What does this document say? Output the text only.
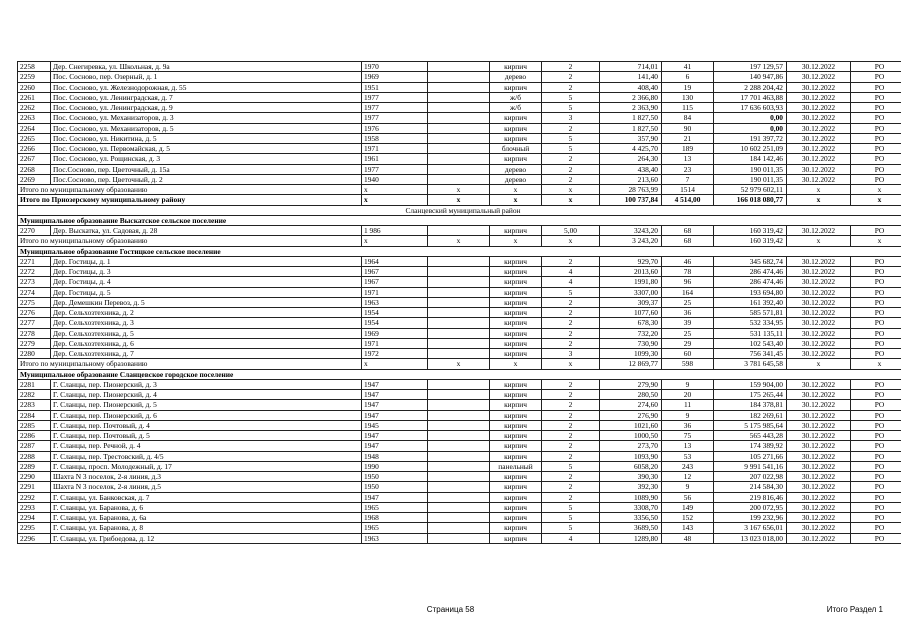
2258	Дер. Снегиревка, ул. Школьная, д. 9а	1970		кирпич	2	714,01	41	197 129,57	30.12.2022	РО
2259	Пос. Сосново, пер. Озерный, д. 1	1969		дерево	2	141,40	6	140 947,86	30.12.2022	РО
2260	Пос. Сосново, ул. Железнодорожная, д. 55	1951		кирпич	2	408,40	19	2 288 204,42	30.12.2022	РО
2261	Пос. Сосново, ул. Ленинградская, д. 7	1977		ж/б	5	2 366,80	130	17 701 463,88	30.12.2022	РО
2262	Пос. Сосново, ул. Ленинградская, д. 9	1977		ж/б	5	2 363,90	115	17 636 603,93	30.12.2022	РО
2263	Пос. Сосново, ул. Механизаторов, д. 3	1977		кирпич	3	1 827,50	84	0,00	30.12.2022	РО
2264	Пос. Сосново, ул. Механизаторов, д. 5	1976		кирпич	2	1 827,50	90	0,00	30.12.2022	РО
2265	Пос. Сосново, ул. Никитина, д. 5	1958		кирпич	5	357,90	21	191 397,72	30.12.2022	РО
2266	Пос. Сосново, ул. Первомайская, д. 5	1971		блочный	5	4 425,70	189	10 602 251,09	30.12.2022	РО
2267	Пос. Сосново, ул. Рощинская, д. 3	1961		кирпич	2	264,30	13	184 142,46	30.12.2022	РО
2268	Пос.Сосново, пер. Цветочный, д. 15а	1977		дерево	2	438,40	23	190 011,35	30.12.2022	РО
2269	Пос.Сосново, пер. Цветочный, д. 2	1940		дерево	2	213,60	7	190 011,35	30.12.2022	РО
Итого по муниципальному образованию		x	x	x	x	28 763,99	1514	52 979 602,11	x	x
Итого по Приозерскому муниципальному району		x	x	x	x	100 737,84	4 514,00	166 018 080,77	x	x
Сланцевский муниципальный район										
Муниципальное образование Выскатское сельское поселение										
2270	Дер. Выскатка, ул. Садовая, д. 28	1 986		кирпич	5,00	3243,20	68	160 319,42	30.12.2022	РО
Итого по муниципальному образованию		x	x	x	x	3 243,20	68	160 319,42	x	x
Муниципальное образование Гостицкое сельское поселение										
2271	Дер. Гостицы, д. 1	1964		кирпич	2	929,70	46	345 682,74	30.12.2022	РО
2272	Дер. Гостицы, д. 3	1967		кирпич	4	2013,60	78	286 474,46	30.12.2022	РО
2273	Дер. Гостицы, д. 4	1967		кирпич	4	1991,80	96	286 474,46	30.12.2022	РО
2274	Дер. Гостицы, д. 5	1971		кирпич	5	3307,00	164	193 694,80	30.12.2022	РО
2275	Дер. Демешкин Перевоз, д. 5	1963		кирпич	2	309,37	25	161 392,40	30.12.2022	РО
2276	Дер. Сельхозтехника, д. 2	1954		кирпич	2	1077,60	36	585 571,81	30.12.2022	РО
2277	Дер. Сельхозтехника, д. 3	1954		кирпич	2	678,30	39	532 334,95	30.12.2022	РО
2278	Дер. Сельхозтехника, д. 5	1969		кирпич	2	732,20	25	531 135,11	30.12.2022	РО
2279	Дер. Сельхозтехника, д. 6	1971		кирпич	2	730,90	29	102 543,40	30.12.2022	РО
2280	Дер. Сельхозтехника, д. 7	1972		кирпич	3	1099,30	60	756 341,45	30.12.2022	РО
Итого по муниципальному образованию		x	x	x	x	12 869,77	598	3 781 645,58	x	x
Муниципальное образование Сланцевское городское поселение										
2281	Г. Сланцы, пер. Пионерский, д. 3	1947		кирпич	2	279,90	9	159 904,00	30.12.2022	РО
2282	Г. Сланцы, пер. Пионерский, д. 4	1947		кирпич	2	280,50	20	175 265,44	30.12.2022	РО
2283	Г. Сланцы, пер. Пионерский, д. 5	1947		кирпич	2	274,60	11	184 378,81	30.12.2022	РО
2284	Г. Сланцы, пер. Пионерский, д. 6	1947		кирпич	2	276,90	9	182 269,61	30.12.2022	РО
2285	Г. Сланцы, пер. Почтовый, д. 4	1945		кирпич	2	1021,60	36	5 175 985,64	30.12.2022	РО
2286	Г. Сланцы, пер. Почтовый, д. 5	1947		кирпич	2	1000,50	75	565 443,28	30.12.2022	РО
2287	Г. Сланцы, пер. Речной, д. 4	1947		кирпич	2	273,70	13	174 389,92	30.12.2022	РО
2288	Г. Сланцы, пер. Трестовский, д. 4/5	1948		кирпич	2	1093,90	53	105 271,66	30.12.2022	РО
2289	Г. Сланцы, просп. Молодежный, д. 17	1990		панельный	5	6058,20	243	9 991 541,16	30.12.2022	РО
2290	Шахта N 3 поселок, 2-я линия, д.3	1950		кирпич	2	390,30	12	207 022,98	30.12.2022	РО
2291	Шахта N 3 поселок, 2-я линия, д.5	1950		кирпич	2	392,30	9	214 584,30	30.12.2022	РО
2292	Г. Сланцы, ул. Банковская, д. 7	1947		кирпич	2	1089,90	56	219 816,46	30.12.2022	РО
2293	Г. Сланцы, ул. Баранова, д. 6	1965		кирпич	5	3308,70	149	200 072,95	30.12.2022	РО
2294	Г. Сланцы, ул. Баранова, д. 6а	1968		кирпич	5	3356,50	152	199 232,96	30.12.2022	РО
2295	Г. Сланцы, ул. Баранова, д. 8	1965		кирпич	5	3689,50	143	3 167 656,01	30.12.2022	РО
2296	Г. Сланцы, ул. Грибоедова, д. 12	1963		кирпич	4	1289,80	48	13 023 018,00	30.12.2022	РО
Страница 58	Итого Раздел 1
